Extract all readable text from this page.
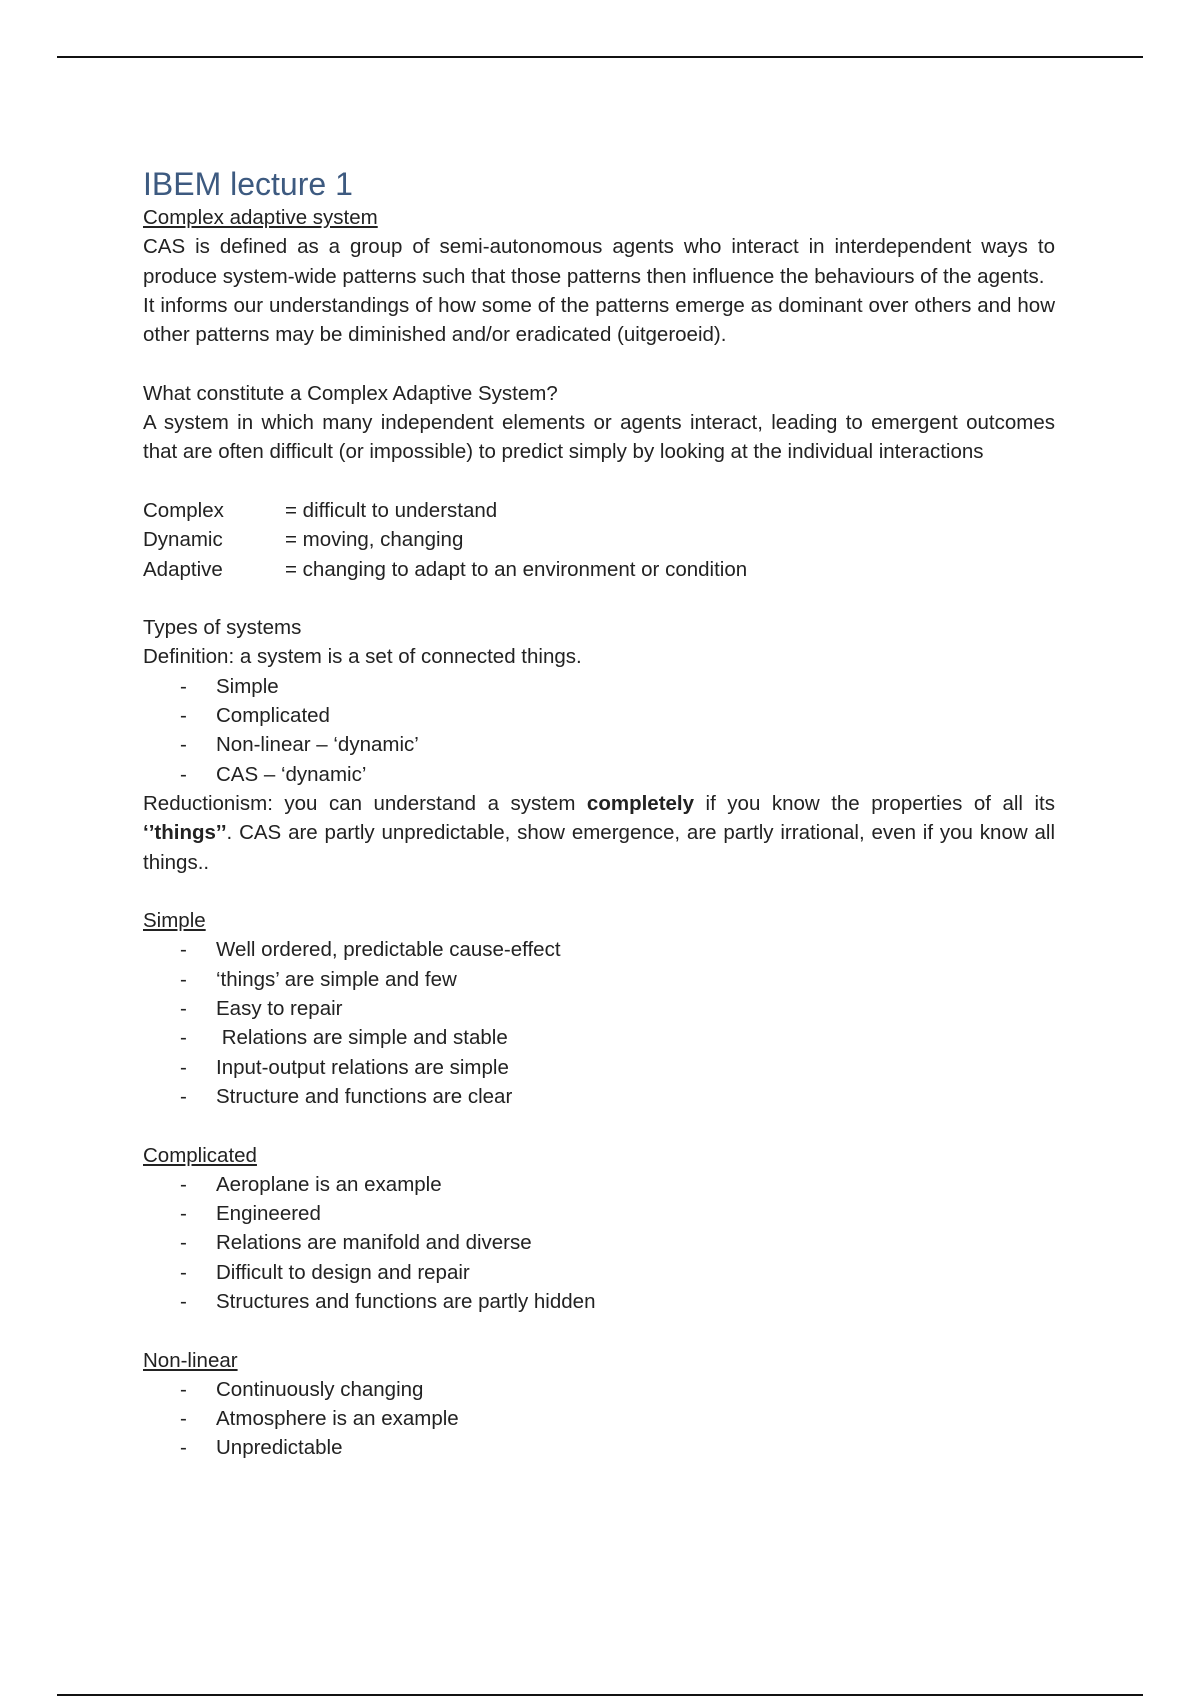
IBEM lecture 1

Complex adaptive system

CAS is defined as a group of semi-autonomous agents who interact in interdependent ways to produce system-wide patterns such that those patterns then influence the behaviours of the agents.

It informs our understandings of how some of the patterns emerge as dominant over others and how other patterns may be diminished and/or eradicated (uitgeroeid).

What constitute a Complex Adaptive System?

A system in which many independent elements or agents interact, leading to emergent outcomes that are often difficult (or impossible) to predict simply by looking at the individual interactions

Complex	= difficult to understand
Dynamic	= moving, changing
Adaptive	= changing to adapt to an environment or condition

Types of systems

Definition: a system is a set of connected things.

- Simple
- Complicated
- Non-linear – ‘dynamic’
- CAS – ‘dynamic’

Reductionism: you can understand a system completely if you know the properties of all its ‘’things’’. CAS are partly unpredictable, show emergence, are partly irrational, even if you know all things..

Simple

- Well ordered, predictable cause-effect
- ‘things’ are simple and few
- Easy to repair
-  Relations are simple and stable
- Input-output relations are simple
- Structure and functions are clear

Complicated

- Aeroplane is an example
- Engineered
- Relations are manifold and diverse
- Difficult to design and repair
- Structures and functions are partly hidden

Non-linear

- Continuously changing
- Atmosphere is an example
- Unpredictable
